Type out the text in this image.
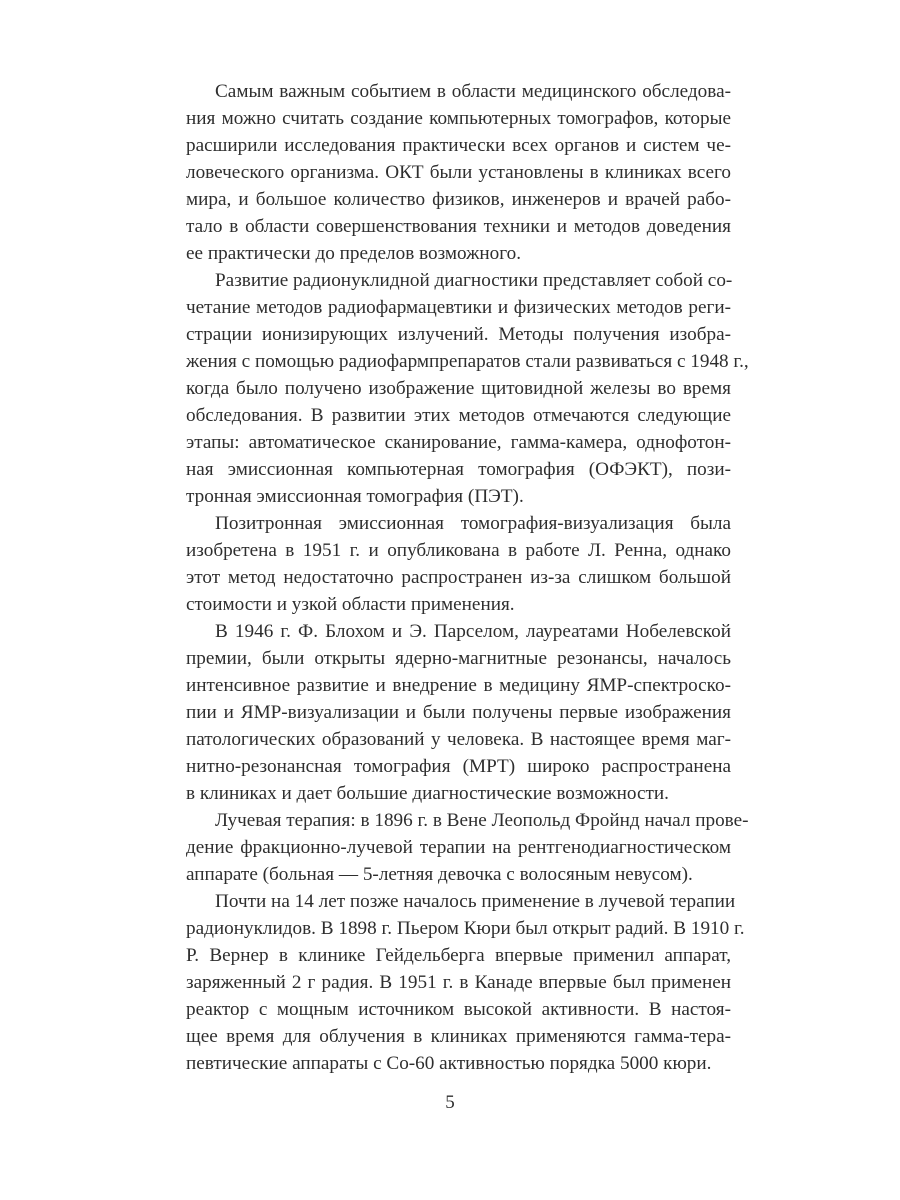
Самым важным событием в области медицинского обследова-
ния можно считать создание компьютерных томографов, которые
расширили исследования практически всех органов и систем че-
ловеческого организма. ОКТ были установлены в клиниках всего
мира, и большое количество физиков, инженеров и врачей рабо-
тало в области совершенствования техники и методов доведения
ее практически до пределов возможного.
Развитие радионуклидной диагностики представляет собой со-
четание методов радиофармацевтики и физических методов реги-
страции ионизирующих излучений. Методы получения изобра-
жения с помощью радиофармпрепаратов стали развиваться с 1948 г.,
когда было получено изображение щитовидной железы во время
обследования. В развитии этих методов отмечаются следующие
этапы: автоматическое сканирование, гамма-камера, однофотон-
ная эмиссионная компьютерная томография (ОФЭКТ), пози-
тронная эмиссионная томография (ПЭТ).
Позитронная эмиссионная томография-визуализация была
изобретена в 1951 г. и опубликована в работе Л. Ренна, однако
этот метод недостаточно распространен из-за слишком большой
стоимости и узкой области применения.
В 1946 г. Ф. Блохом и Э. Парселом, лауреатами Нобелевской
премии, были открыты ядерно-магнитные резонансы, началось
интенсивное развитие и внедрение в медицину ЯМР-спектроско-
пии и ЯМР-визуализации и были получены первые изображения
патологических образований у человека. В настоящее время маг-
нитно-резонансная томография (МРТ) широко распространена
в клиниках и дает большие диагностические возможности.
Лучевая терапия: в 1896 г. в Вене Леопольд Фройнд начал прове-
дение фракционно-лучевой терапии на рентгенодиагностическом
аппарате (больная — 5-летняя девочка с волосяным невусом).
Почти на 14 лет позже началось применение в лучевой терапии
радионуклидов. В 1898 г. Пьером Кюри был открыт радий. В 1910 г.
Р. Вернер в клинике Гейдельберга впервые применил аппарат,
заряженный 2 г радия. В 1951 г. в Канаде впервые был применен
реактор с мощным источником высокой активности. В настоя-
щее время для облучения в клиниках применяются гамма-тера-
певтические аппараты с Со-60 активностью порядка 5000 кюри.
5
